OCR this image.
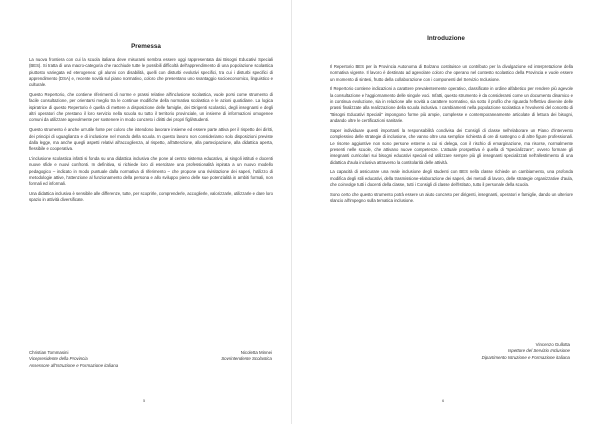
Premessa

La nuova frontiera con cui la scuola italiana deve misurarsi sembra essere oggi rappresentata dai Bisogni Educativi Speciali (BES). Si tratta di una macro-categoria che racchiude tutte le possibili difficoltà dell'apprendimento di una popolazione scolastica piuttosto variegata ed eterogenea: gli alunni con disabilità, quelli con disturbi evolutivi specifici, tra cui i disturbi specifici di apprendimento (DSA) e, recente novità sul piano normativo, coloro che presentano uno svantaggio socioeconomico, linguistico e culturale.

Questo Repertorio, che contiene riferimenti di norme e prassi relative all'inclusione scolastica, vuole porsi come strumento di facile consultazione, per orientarsi meglio tra le continue modifiche della normativa scolastica e le azioni quotidiane. La logica ispiratrice di questo Repertorio è quella di mettere a disposizione delle famiglie, dei Dirigenti scolastici, degli insegnanti e degli altri operatori che prestano il loro servizio nella scuola su tutto il territorio provinciale, un insieme di informazioni omogenee comuni da utilizzare agevolmente per sostenere in modo concreto i diritti dei propri figli/studenti.

Questo strumento è anche un'utile fonte per coloro che intendono lavorare insieme ed essere parte attiva per il rispetto dei diritti, dei principi di uguaglianza e di inclusione nel mondo della scuola. In questo lavoro non consideriamo solo disposizioni previste dalla legge, ma anche quegli aspetti relativi all'accoglienza, al rispetto, all'attenzione, alla partecipazione, alla didattica aperta, flessibile e cooperativa.

L'inclusione scolastica infatti si fonda su una didattica inclusiva che pone al centro sistema educativo, ai singoli istituti e docenti nuove sfide e nuovi confronti. In definitiva, si richiede loro di esercitare una professionalità ispirata a un nuovo modello pedagogico – indicato in modo puntuale dalla normativa di riferimento – che propone una rivisitazione dei saperi, l'utilizzo di metodologie attive, l'attenzione al funzionamento della persona e allo sviluppo pieno delle sue potenzialità in ambiti formali, non formali ed informali.

Una didattica inclusiva è sensibile alle differenze, tutte, per scoprirle, comprenderle, accoglierle, valorizzarle, utilizzarle e dare loro spazio in attività diversificate.

Christian Tommasini
Vicepresidente della Provincia
Assessore all'Istruzione e Formazione italiana
Nicoletta Minnei
Sovrintendente Scolastica
5
Introduzione

Il Repertorio BES per la Provincia Autonoma di Bolzano costituisce un contributo per la divulgazione ed interpretazione della normativa vigente. Il lavoro è destinato ad agevolare coloro che operano nel contesto scolastico della Provincia e vuole essere un momento di sintesi, frutto della collaborazione con i componenti del Servizio Inclusione.

Il Repertorio contiene indicazioni a carattere prevalentemente operativo, classificate in ordine alfabetico per rendere più agevole la consultazione e l'aggiornamento delle singole voci. Infatti, questo strumento è da considerarsi come un documento dinamico e in continua evoluzione, sia in relazione alle novità a carattere normativo, sia sotto il profilo che riguarda l'effettivo divenire delle prassi finalizzate alla realizzazione della scuola inclusiva. I cambiamenti nella popolazione scolastica e l'evolversi del concetto di “Bisogni Educativi Speciali” impongono forme più ampie, complesse e contemporaneamente articolate di lettura dei bisogni, andando oltre le certificazioni sanitarie.

Saper individuare questi importanti la responsabilità condivisa dei Consigli di classe nell'elaborare un Piano d'intervento complessivo delle strategie di inclusione, che vanno oltre una semplice richiesta di ore di sostegno o di altre figure professionali. Le risorse aggiuntive non sono persone esterne a cui si delega, con il rischio di emarginazione, ma risorse, normalmente presenti nelle scuole, che attivano nuove competenze. L'attuale prospettiva è quella di “specializzare”, ovvero formare gli insegnanti curricolari sui bisogni educativi speciali ed utilizzare sempre più gli insegnanti specializzati nell'allestimento di una didattica d'aula inclusiva attraverso la contitolarità delle attività.

La capacità di assicurare una reale inclusione degli studenti con BES nella classe richiede un cambiamento, una profonda modifica degli stili educativi, della trasmissione-elaborazione dei saperi, dei metodi di lavoro, delle strategie organizzative d'aula, che coinvolge tutti i docenti della classe, tutti i Consigli di classe dell'istituto, tutto il personale della scuola.

Sono certo che questo strumento potrà essere un aiuto concreto per dirigenti, insegnanti, operatori e famiglie, dando un ulteriore slancio all'impegno sulla tematica inclusione.

Vincenzo Gullotta
Ispettore del Servizio Inclusione
Dipartimento Istruzione e Formazione italiana
6
